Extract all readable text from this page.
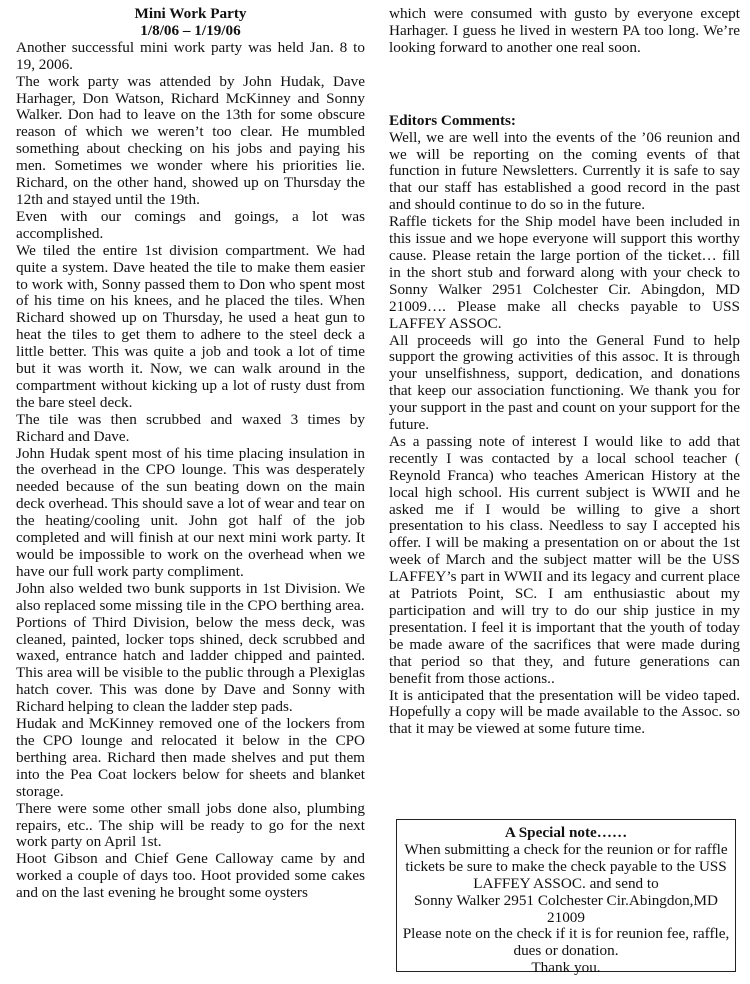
Mini Work Party

1/8/06 – 1/19/06

Another successful mini work party was held Jan. 8 to 19, 2006.

The work party was attended by John Hudak, Dave Harhager, Don Watson, Richard McKinney and Sonny Walker. Don had to leave on the 13th for some obscure reason of which we weren’t too clear. He mumbled something about checking on his jobs and paying his men. Sometimes we wonder where his priorities lie. Richard, on the other hand, showed up on Thursday the 12th and stayed until the 19th.

Even with our comings and goings, a lot was accomplished.

We tiled the entire 1st division compartment. We had quite a system. Dave heated the tile to make them easier to work with, Sonny passed them to Don who spent most of his time on his knees, and he placed the tiles. When Richard showed up on Thursday, he used a heat gun to heat the tiles to get them to adhere to the steel deck a little better. This was quite a job and took a lot of time but it was worth it. Now, we can walk around in the compartment without kicking up a lot of rusty dust from the bare steel deck.

The tile was then scrubbed and waxed 3 times by Richard and Dave.

John Hudak spent most of his time placing insulation in the overhead in the CPO lounge. This was desperately needed because of the sun beating down on the main deck overhead. This should save a lot of wear and tear on the heating/cooling unit. John got half of the job completed and will finish at our next mini work party. It would be impossible to work on the overhead when we have our full work party compliment.

John also welded two bunk supports in 1st Division. We also replaced some missing tile in the CPO berthing area.

Portions of Third Division, below the mess deck, was cleaned, painted, locker tops shined, deck scrubbed and waxed, entrance hatch and ladder chipped and painted. This area will be visible to the public through a Plexiglas hatch cover. This was done by Dave and Sonny with Richard helping to clean the ladder step pads.

Hudak and McKinney removed one of the lockers from the CPO lounge and relocated it below in the CPO berthing area. Richard then made shelves and put them into the Pea Coat lockers below for sheets and blanket storage.

There were some other small jobs done also, plumbing repairs, etc.. The ship will be ready to go for the next work party on April 1st.

Hoot Gibson and Chief Gene Calloway came by and worked a couple of days too. Hoot provided some cakes and on the last evening he brought some oysters

which were consumed with gusto by everyone except Harhager. I guess he lived in western PA too long. We’re looking forward to another one real soon.

Editors Comments:

Well, we are well into the events of the ’06 reunion and we will be reporting on the coming events of that function in future Newsletters. Currently it is safe to say that our staff has established a good record in the past and should continue to do so in the future.

Raffle tickets for the Ship model have been included in this issue and we hope everyone will support this worthy cause. Please retain the large portion of the ticket… fill in the short stub and forward along with your check to Sonny Walker 2951 Colchester Cir. Abingdon, MD 21009…. Please make all checks payable to USS LAFFEY ASSOC.

All proceeds will go into the General Fund to help support the growing activities of this assoc. It is through your unselfishness, support, dedication, and donations that keep our association functioning. We thank you for your support in the past and count on your support for the future.

As a passing note of interest I would like to add that recently I was contacted by a local school teacher ( Reynold Franca) who teaches American History at the local high school. His current subject is WWII and he asked me if I would be willing to give a short presentation to his class. Needless to say I accepted his offer. I will be making a presentation on or about the 1st week of March and the subject matter will be the USS LAFFEY’s part in WWII and its legacy and current place at Patriots Point, SC. I am enthusiastic about my participation and will try to do our ship justice in my presentation. I feel it is important that the youth of today be made aware of the sacrifices that were made during that period so that they, and future generations can benefit from those actions..

It is anticipated that the presentation will be video taped. Hopefully a copy will be made available to the Assoc. so that it may be viewed at some future time.

A Special note……

When submitting a check for the reunion or for raffle tickets be sure to make the check payable to the USS LAFFEY ASSOC. and send to

Sonny Walker 2951 Colchester Cir.Abingdon,MD 21009

Please note on the check if it is for reunion fee, raffle, dues or donation.

Thank you.
